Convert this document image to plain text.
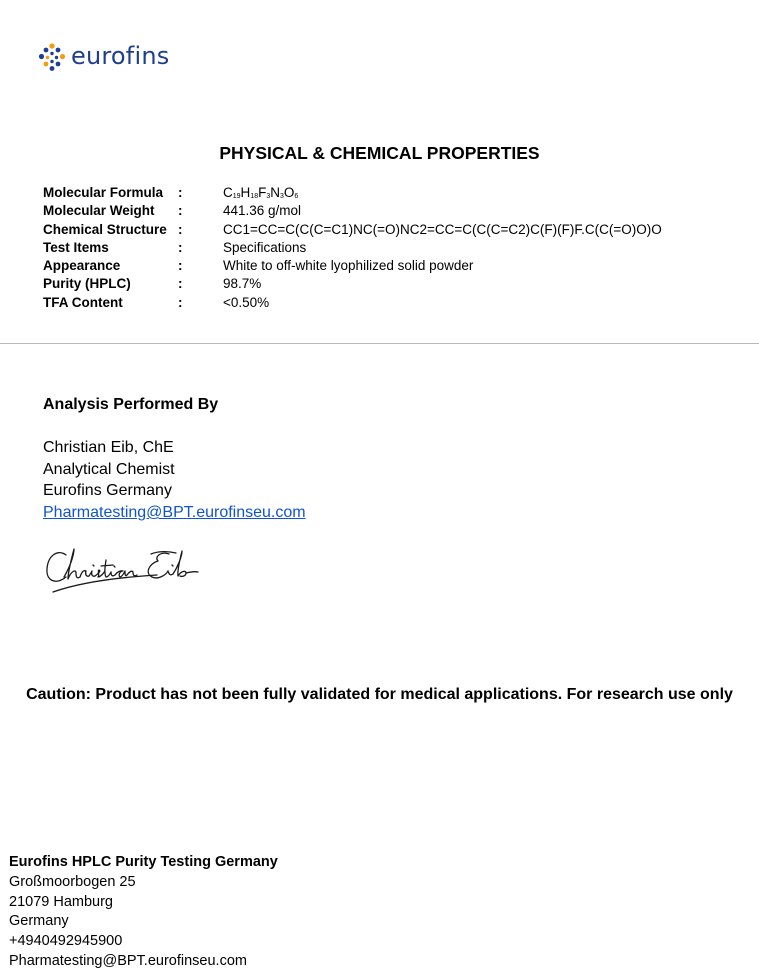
eurofins
PHYSICAL & CHEMICAL PROPERTIES
Molecular Formula	:	$C_{19}H_{18}F_3N_3O_6$
Molecular Weight	:	441.36 g/mol
Chemical Structure :	CC1=CC=C(C(C=C1)NC(=O)NC2=CC=C(C(C=C2)C(F)(F)F.C(C(=O)O)O
Test Items	:	Specifications
Appearance	:	White to off-white lyophilized solid powder
Purity (HPLC)	:	98.7%
TFA Content	:	<0.50%
Analysis Performed By
Christian Eib, ChE
Analytical Chemist
Eurofins Germany
Pharmatesting@BPT.eurofinseu.com
Caution: Product has not been fully validated for medical applications. For research use only
Eurofins HPLC Purity Testing Germany
Großmoorbogen 25
21079 Hamburg
Germany
+4940492945900
Pharmatesting@BPT.eurofinseu.com
